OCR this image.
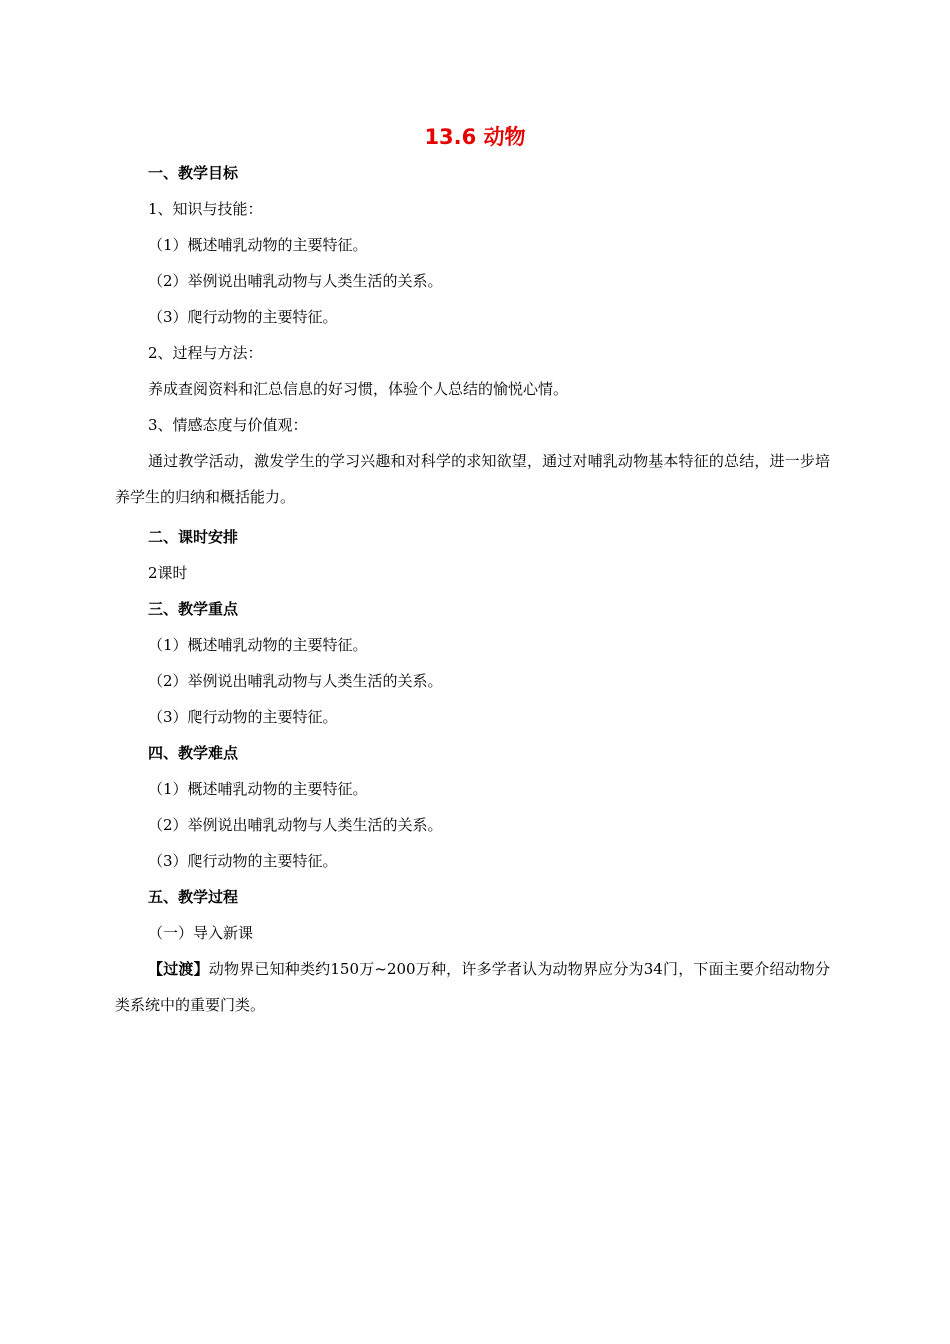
13.6 动物
一、教学目标
1、知识与技能：
（1）概述哺乳动物的主要特征。
（2）举例说出哺乳动物与人类生活的关系。
（3）爬行动物的主要特征。
2、过程与方法：
养成查阅资料和汇总信息的好习惯，体验个人总结的愉悦心情。
3、情感态度与价值观：
通过教学活动，激发学生的学习兴趣和对科学的求知欲望，通过对哺乳动物基本特征的总结，进一步培养学生的归纳和概括能力。
二、课时安排
2课时
三、教学重点
（1）概述哺乳动物的主要特征。
（2）举例说出哺乳动物与人类生活的关系。
（3）爬行动物的主要特征。
四、教学难点
（1）概述哺乳动物的主要特征。
（2）举例说出哺乳动物与人类生活的关系。
（3）爬行动物的主要特征。
五、教学过程
（一）导入新课
【过渡】动物界已知种类约150万~200万种，许多学者认为动物界应分为34门，下面主要介绍动物分类系统中的重要门类。
